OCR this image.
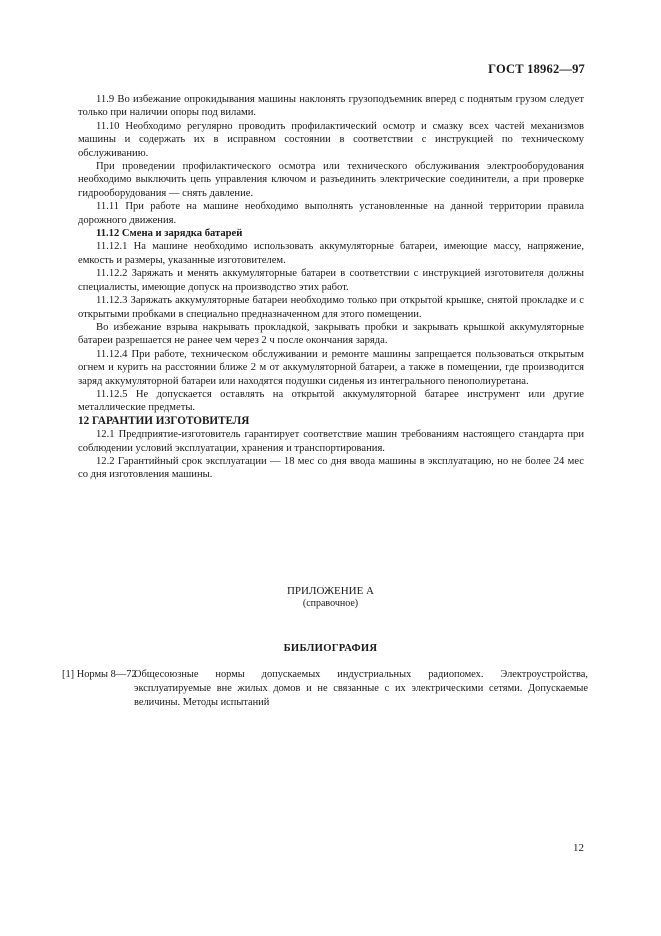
ГОСТ 18962—97

11.9 Во избежание опрокидывания машины наклонять грузоподъемник вперед с поднятым грузом следует только при наличии опоры под вилами.

11.10 Необходимо регулярно проводить профилактический осмотр и смазку всех частей механизмов машины и содержать их в исправном состоянии в соответствии с инструкцией по техническому обслуживанию.

При проведении профилактического осмотра или технического обслуживания электрооборудования необходимо выключить цепь управления ключом и разъединить электрические соединители, а при проверке гидрооборудования — снять давление.

11.11 При работе на машине необходимо выполнять установленные на данной территории правила дорожного движения.

11.12 Смена и зарядка батарей

11.12.1 На машине необходимо использовать аккумуляторные батареи, имеющие массу, напряжение, емкость и размеры, указанные изготовителем.

11.12.2 Заряжать и менять аккумуляторные батареи в соответствии с инструкцией изготовителя должны специалисты, имеющие допуск на производство этих работ.

11.12.3 Заряжать аккумуляторные батареи необходимо только при открытой крышке, снятой прокладке и с открытыми пробками в специально предназначенном для этого помещении.

Во избежание взрыва накрывать прокладкой, закрывать пробки и закрывать крышкой аккумуляторные батареи разрешается не ранее чем через 2 ч после окончания заряда.

11.12.4 При работе, техническом обслуживании и ремонте машины запрещается пользоваться открытым огнем и курить на расстоянии ближе 2 м от аккумуляторной батареи, а также в помещении, где производится заряд аккумуляторной батареи или находятся подушки сиденья из интегрального пенополиуретана.

11.12.5 Не допускается оставлять на открытой аккумуляторной батарее инструмент или другие металлические предметы.

12 ГАРАНТИИ ИЗГОТОВИТЕЛЯ

12.1 Предприятие-изготовитель гарантирует соответствие машин требованиям настоящего стандарта при соблюдении условий эксплуатации, хранения и транспортирования.

12.2 Гарантийный срок эксплуатации — 18 мес со дня ввода машины в эксплуатацию, но не более 24 мес со дня изготовления машины.

ПРИЛОЖЕНИЕ А
(справочное)
БИБЛИОГРАФИЯ
[1] Нормы 8—72
Общесоюзные нормы допускаемых индустриальных радиопомех. Электроустройства, эксплуатируемые вне жилых домов и не связанные с их электрическими сетями. Допускаемые величины. Методы испытаний
12
